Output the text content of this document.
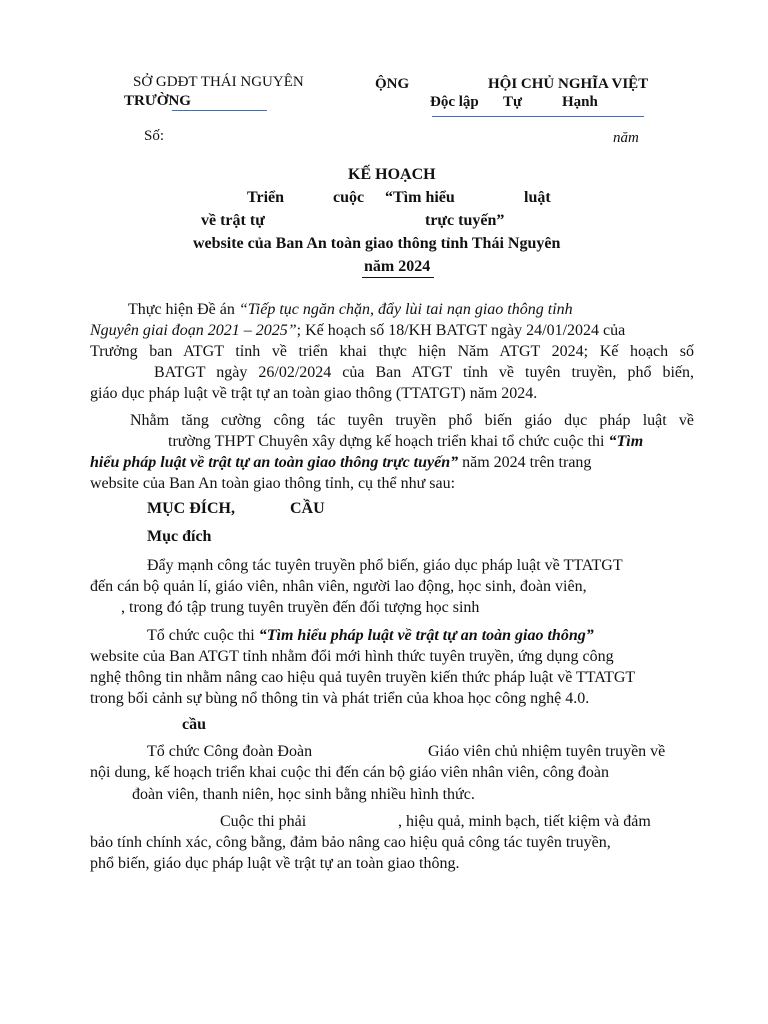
SỞ GDĐT THÁI NGUYÊN
TRƯỜNG
ỘNG	HỘI CHỦ NGHĨA VIỆT
Độc lập Tự	Hạnh
Số:	năm
KẾ HOẠCH
Triển	cuộc “Tìm hiểu	luật
về trật tự	trực tuyến”
website của Ban An toàn giao thông tỉnh Thái Nguyên
năm 2024
Thực hiện Đề án “Tiếp tục ngăn chặn, đẩy lùi tai nạn giao thông tỉnh
Nguyên giai đoạn 2021 – 2025”; Kế hoạch số 18/KH BATGT ngày 24/01/2024 của
Trưởng ban ATGT tỉnh về triển khai thực hiện Năm ATGT 2024; Kế hoạch số
BATGT ngày 26/02/2024 của Ban ATGT tỉnh về tuyên truyền, phổ biến,
giáo dục pháp luật về trật tự an toàn giao thông (TTATGT) năm 2024.
Nhằm tăng cường công tác tuyên truyền phổ biến giáo dục pháp luật về
trường THPT Chuyên xây dựng kế hoạch triển khai tổ chức cuộc thi “Tìm
hiểu pháp luật về trật tự an toàn giao thông trực tuyến” năm 2024 trên trang
website của Ban An toàn giao thông tỉnh, cụ thể như sau:
MỤC ĐÍCH,	CẦU
Mục đích
Đẩy mạnh công tác tuyên truyền phổ biến, giáo dục pháp luật về TTATGT
đến cán bộ quản lí, giáo viên, nhân viên, người lao động, học sinh, đoàn viên,
, trong đó tập trung tuyên truyền đến đối tượng học sinh
Tổ chức cuộc thi “Tìm hiểu pháp luật về trật tự an toàn giao thông”
website của Ban ATGT tỉnh nhằm đổi mới hình thức tuyên truyền, ứng dụng công
nghệ thông tin nhằm nâng cao hiệu quả tuyên truyền kiến thức pháp luật về TTATGT
trong bối cảnh sự bùng nổ thông tin và phát triển của khoa học công nghệ 4.0.
cầu
Tổ chức Công đoàn Đoàn	Giáo viên chủ nhiệm tuyên truyền về
nội dung, kế hoạch triển khai cuộc thi đến cán bộ giáo viên nhân viên, công đoàn
đoàn viên, thanh niên, học sinh bằng nhiều hình thức.
Cuộc thi phải	, hiệu quả, minh bạch, tiết kiệm và đảm
bảo tính chính xác, công bằng, đảm bảo nâng cao hiệu quả công tác tuyên truyền,
phổ biến, giáo dục pháp luật về trật tự an toàn giao thông.
